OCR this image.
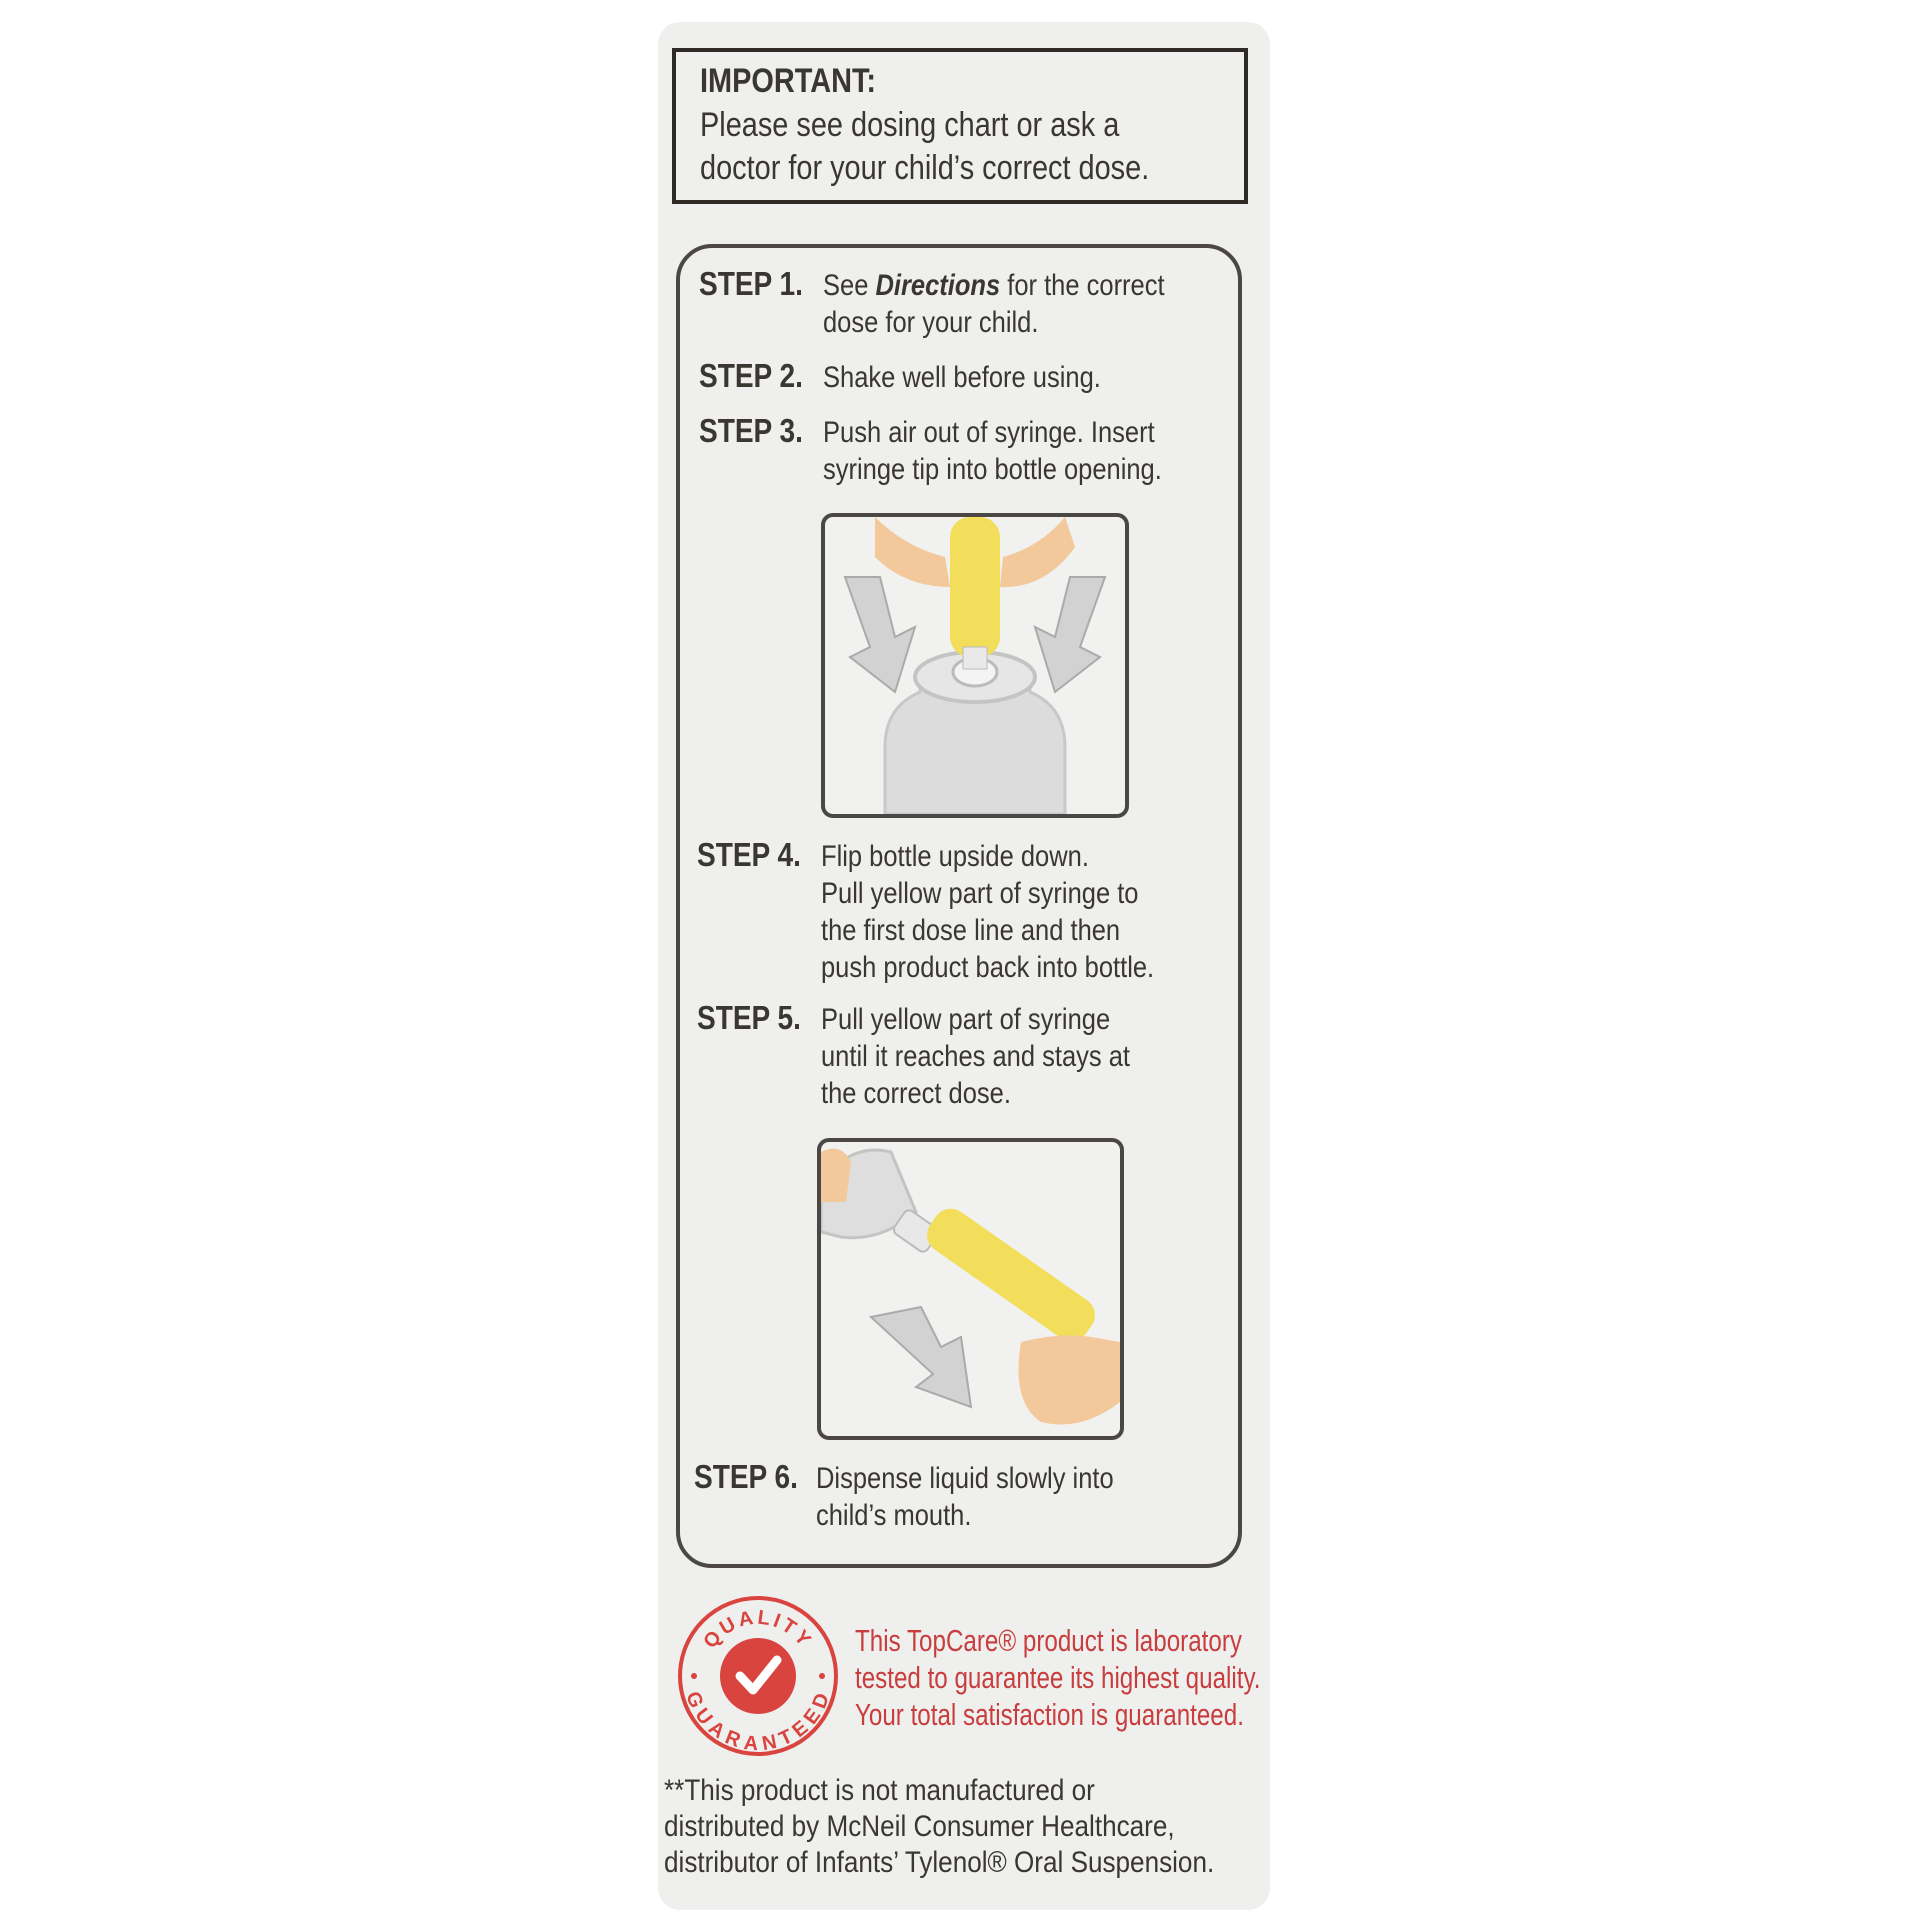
IMPORTANT:
Please see dosing chart or ask a
doctor for your child’s correct dose.
STEP 1. See Directions for the correct
dose for your child.
STEP 2. Shake well before using.
STEP 3. Push air out of syringe. Insert
syringe tip into bottle opening.
STEP 4. Flip bottle upside down.
Pull yellow part of syringe to
the first dose line and then
push product back into bottle.
STEP 5. Pull yellow part of syringe
until it reaches and stays at
the correct dose.
STEP 6. Dispense liquid slowly into
child’s mouth.
QUALITY
GUARANTEED
This TopCare® product is laboratory
tested to guarantee its highest quality.
Your total satisfaction is guaranteed.
**This product is not manufactured or
distributed by McNeil Consumer Healthcare,
distributor of Infants’ Tylenol® Oral Suspension.
